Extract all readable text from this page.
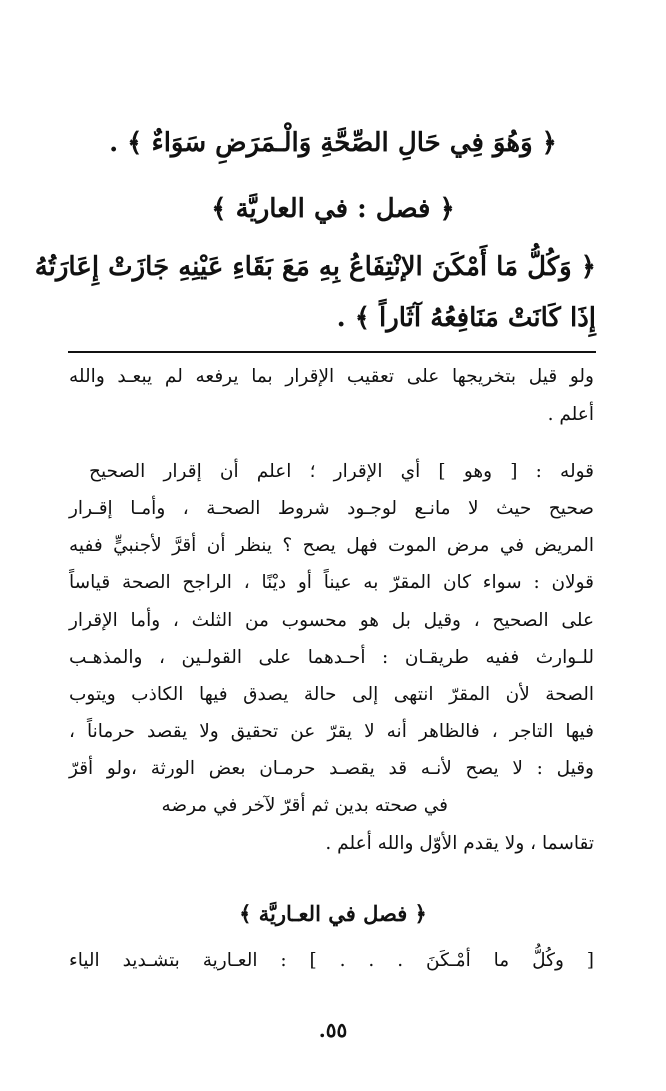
﴿ وَهُوَ فِي حَالِ الصِّحَّةِ وَالْـمَرَضِ سَوَاءٌ ﴾ .
﴿ فصل : في العاريَّة ﴾
﴿ وَكُلُّ مَا أَمْكَنَ الإنْتِفَاعُ بِهِ مَعَ بَقَاءِ عَيْنِهِ جَازَتْ إِعَارَتُهُ
إِذَا كَانَتْ مَنَافِعُهُ آثَاراً ﴾ .
ولو قيل بتخريجها على تعقيب الإقرار بما يرفعه لم يبعـد والله
أعلم .
قوله : [ وهو ] أي الإقرار ؛ اعلم أن إقرار الصحيح
صحيح حيث لا مانـع لوجـود شروط الصحـة ، وأمـا إقـرار
المريض في مرض الموت فهل يصح ؟ ينظر أن أقرَّ لأجنبيٍّ ففيه
قولان : سواء كان المقرّ به عيناً أو ديْنًا ، الراجح الصحة قياساً
على الصحيح ، وقيل بل هو محسوب من الثلث ، وأما الإقرار
للـوارث ففيه طريقـان : أحـدهما على القولـين ، والمذهـب
الصحة لأن المقرّ انتهى إلى حالة يصدق فيها الكاذب ويتوب
فيها التاجر ، فالظاهر أنه لا يقرّ عن تحقيق ولا يقصد حرماناً ،
وقيل : لا يصح لأنـه قد يقصـد حرمـان بعض الورثة ،ولو أقرّ
في صحته بدين ثم أقرّ لآخر في مرضه
تقاسما ، ولا يقدم الأوّل والله أعلم .
﴿ فصل في العـاريَّة ﴾
[ وكُلُّ ما أمْـكَنَ . . . ] : العـارية بتشـديد الياء
٥٥.
